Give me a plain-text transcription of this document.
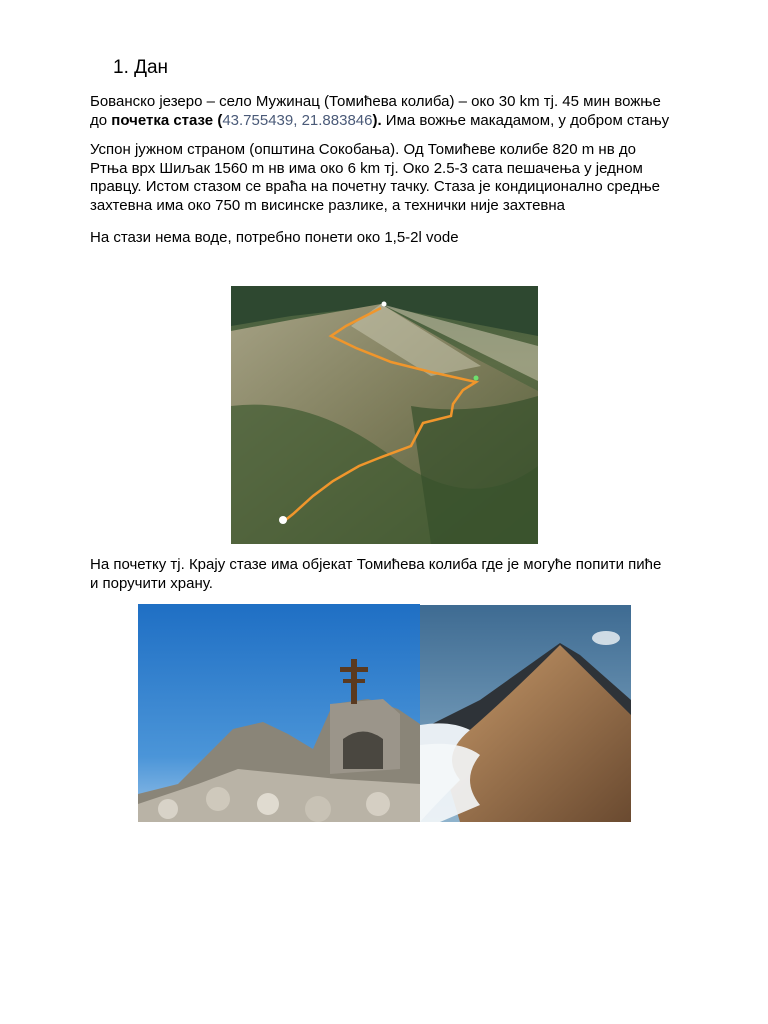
1. Дан

Бованско језеро – село Мужинац (Томићева колиба) – око 30 km тј. 45 мин вожње
до почетка стазе (43.755439, 21.883846). Има вожње макадамом, у добром стању

Успон јужном страном (општина Сокобања). Од Томићеве колибе 820 m нв до
Ртња врх Шиљак 1560 m нв има око 6 km тј. Око 2.5-3 сата пешачења у једном
правцу. Истом стазом се враћа на почетну тачку. Стаза је кондиционално средње
захтевна има око 750 m висинске разлике, а технички није захтевна

На стази нема воде, потребно понети око 1,5-2l vode

На почетку тј. Крају стазе има објекат Томићева колиба где је могуће попити пиће
и поручити храну.
